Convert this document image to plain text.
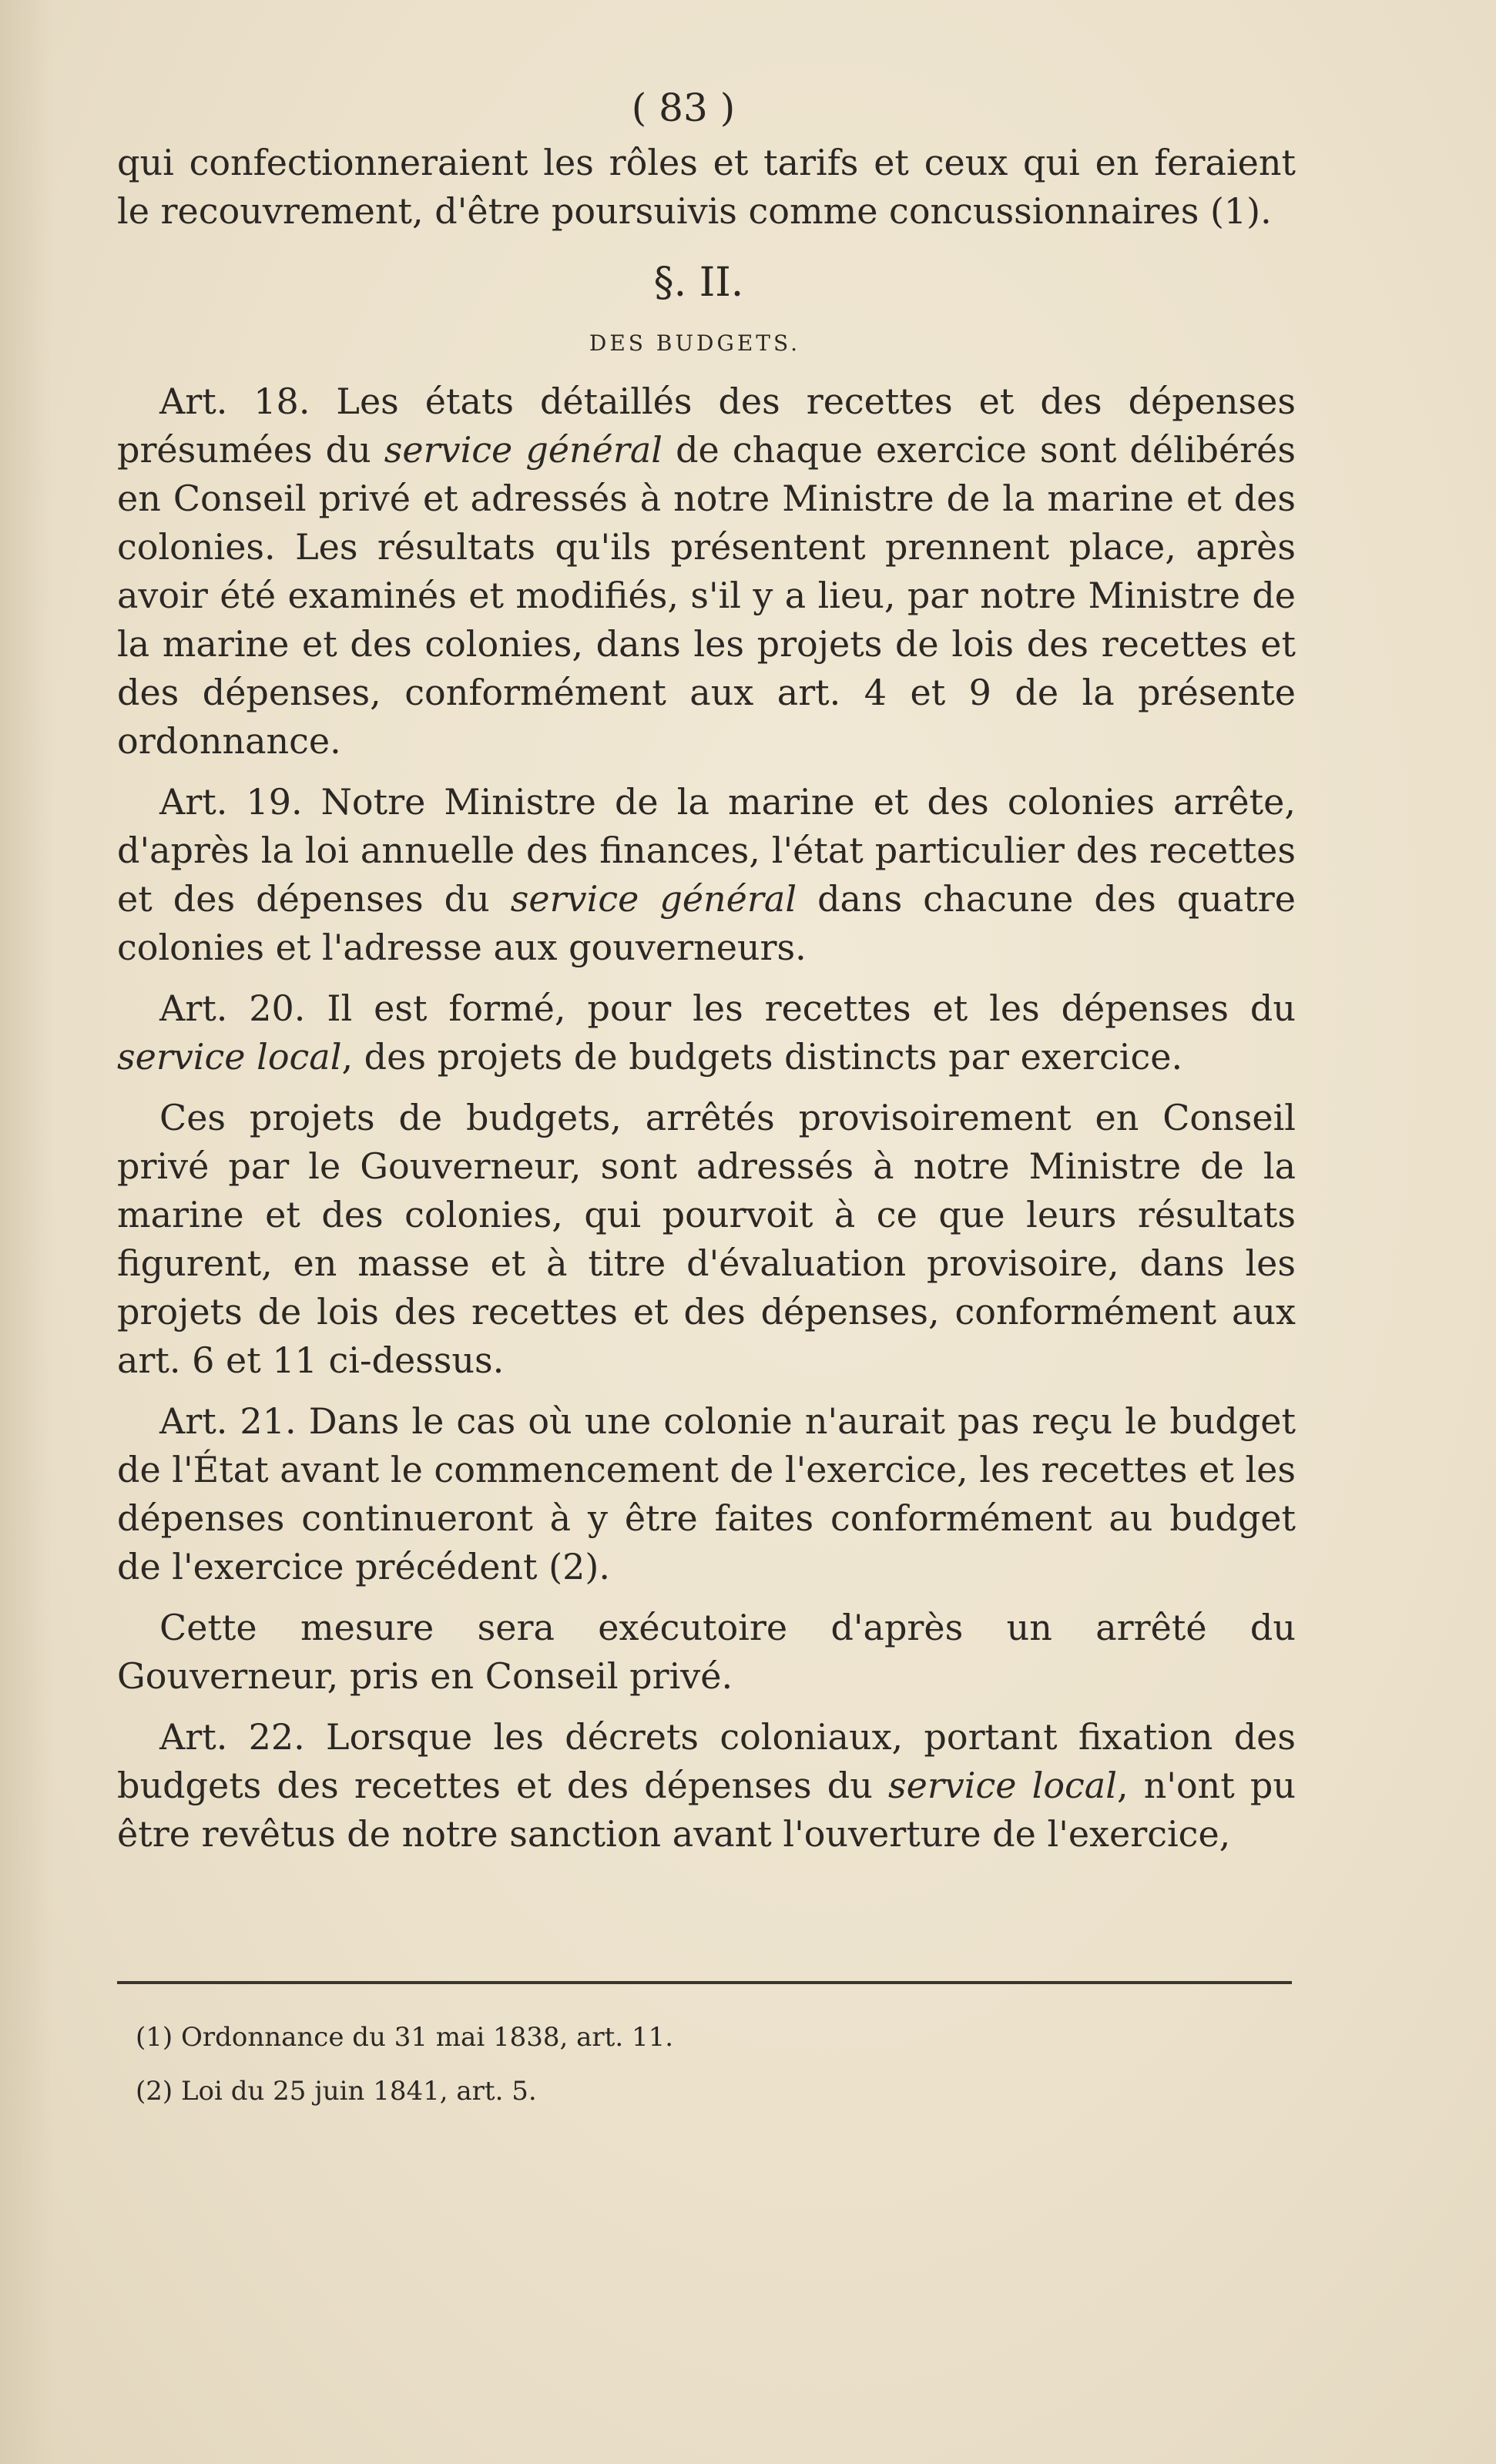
( 83 )

qui confectionneraient les rôles et tarifs et ceux qui en feraient le recouvrement, d'être poursuivis comme concussionnaires (1).

§. II.
DES BUDGETS.

Art. 18. Les états détaillés des recettes et des dépenses présumées du service général de chaque exercice sont délibérés en Conseil privé et adressés à notre Ministre de la marine et des colonies. Les résultats qu'ils présentent prennent place, après avoir été examinés et modifiés, s'il y a lieu, par notre Ministre de la marine et des colonies, dans les projets de lois des recettes et des dépenses, conformément aux art. 4 et 9 de la présente ordonnance.

Art. 19. Notre Ministre de la marine et des colonies arrête, d'après la loi annuelle des finances, l'état particulier des recettes et des dépenses du service général dans chacune des quatre colonies et l'adresse aux gouverneurs.

Art. 20. Il est formé, pour les recettes et les dépenses du service local, des projets de budgets distincts par exercice.

Ces projets de budgets, arrêtés provisoirement en Conseil privé par le Gouverneur, sont adressés à notre Ministre de la marine et des colonies, qui pourvoit à ce que leurs résultats figurent, en masse et à titre d'évaluation provisoire, dans les projets de lois des recettes et des dépenses, conformément aux art. 6 et 11 ci-dessus.

Art. 21. Dans le cas où une colonie n'aurait pas reçu le budget de l'État avant le commencement de l'exercice, les recettes et les dépenses continueront à y être faites conformément au budget de l'exercice précédent (2).

Cette mesure sera exécutoire d'après un arrêté du Gouverneur, pris en Conseil privé.

Art. 22. Lorsque les décrets coloniaux, portant fixation des budgets des recettes et des dépenses du service local, n'ont pu être revêtus de notre sanction avant l'ouverture de l'exercice,

(1) Ordonnance du 31 mai 1838, art. 11.

(2) Loi du 25 juin 1841, art. 5.
